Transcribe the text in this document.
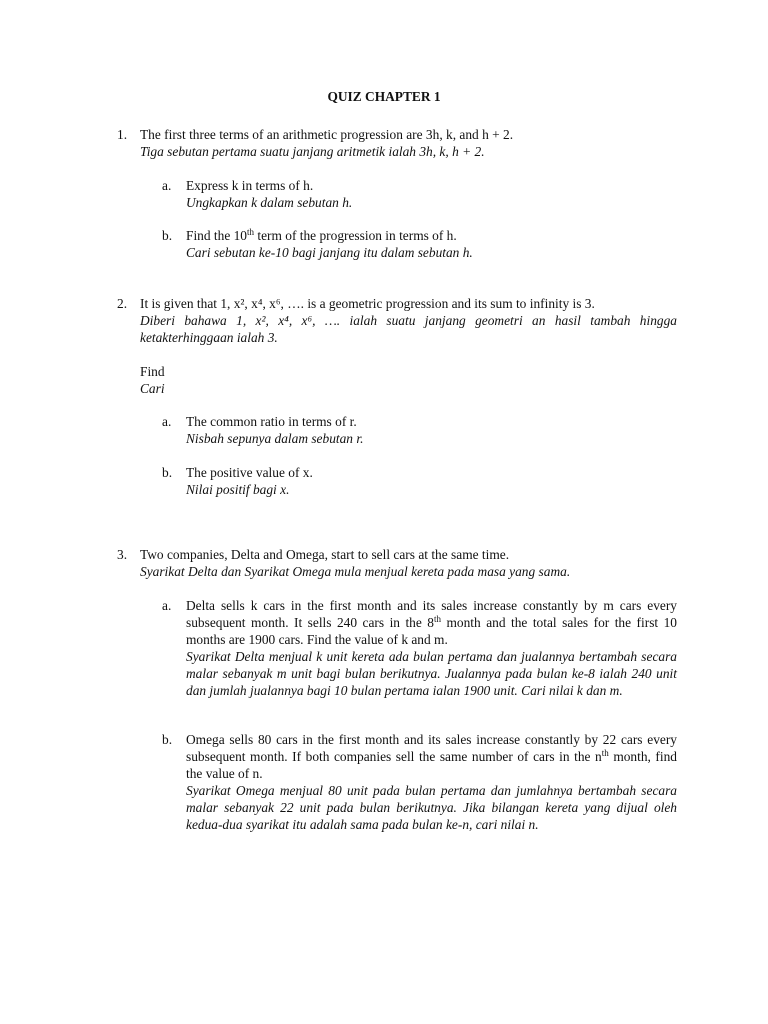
QUIZ CHAPTER 1
1. The first three terms of an arithmetic progression are 3h, k, and h + 2.

Tiga sebutan pertama suatu janjang aritmetik ialah 3h, k, h + 2.

a. Express k in terms of h.

Ungkapkan k dalam sebutan h.

b. Find the 10th term of the progression in terms of h.

Cari sebutan ke-10 bagi janjang itu dalam sebutan h.

2. It is given that 1, x², x⁴, x⁶, …. is a geometric progression and its sum to infinity is 3.

Diberi bahawa 1, x², x⁴, x⁶, …. ialah suatu janjang geometri an hasil tambah hingga ketakterhinggaan ialah 3.

Find

Cari

a. The common ratio in terms of r.

Nisbah sepunya dalam sebutan r.

b. The positive value of x.

Nilai positif bagi x.

3. Two companies, Delta and Omega, start to sell cars at the same time.

Syarikat Delta dan Syarikat Omega mula menjual kereta pada masa yang sama.

a. Delta sells k cars in the first month and its sales increase constantly by m cars every subsequent month. It sells 240 cars in the 8th month and the total sales for the first 10 months are 1900 cars. Find the value of k and m.

Syarikat Delta menjual k unit kereta ada bulan pertama dan jualannya bertambah secara malar sebanyak m unit bagi bulan berikutnya. Jualannya pada bulan ke-8 ialah 240 unit dan jumlah jualannya bagi 10 bulan pertama ialan 1900 unit. Cari nilai k dan m.

b. Omega sells 80 cars in the first month and its sales increase constantly by 22 cars every subsequent month. If both companies sell the same number of cars in the $n^{th}$ month, find the value of n.

Syarikat Omega menjual 80 unit pada bulan pertama dan jumlahnya bertambah secara malar sebanyak 22 unit pada bulan berikutnya. Jika bilangan kereta yang dijual oleh kedua-dua syarikat itu adalah sama pada bulan ke-n, cari nilai n.
